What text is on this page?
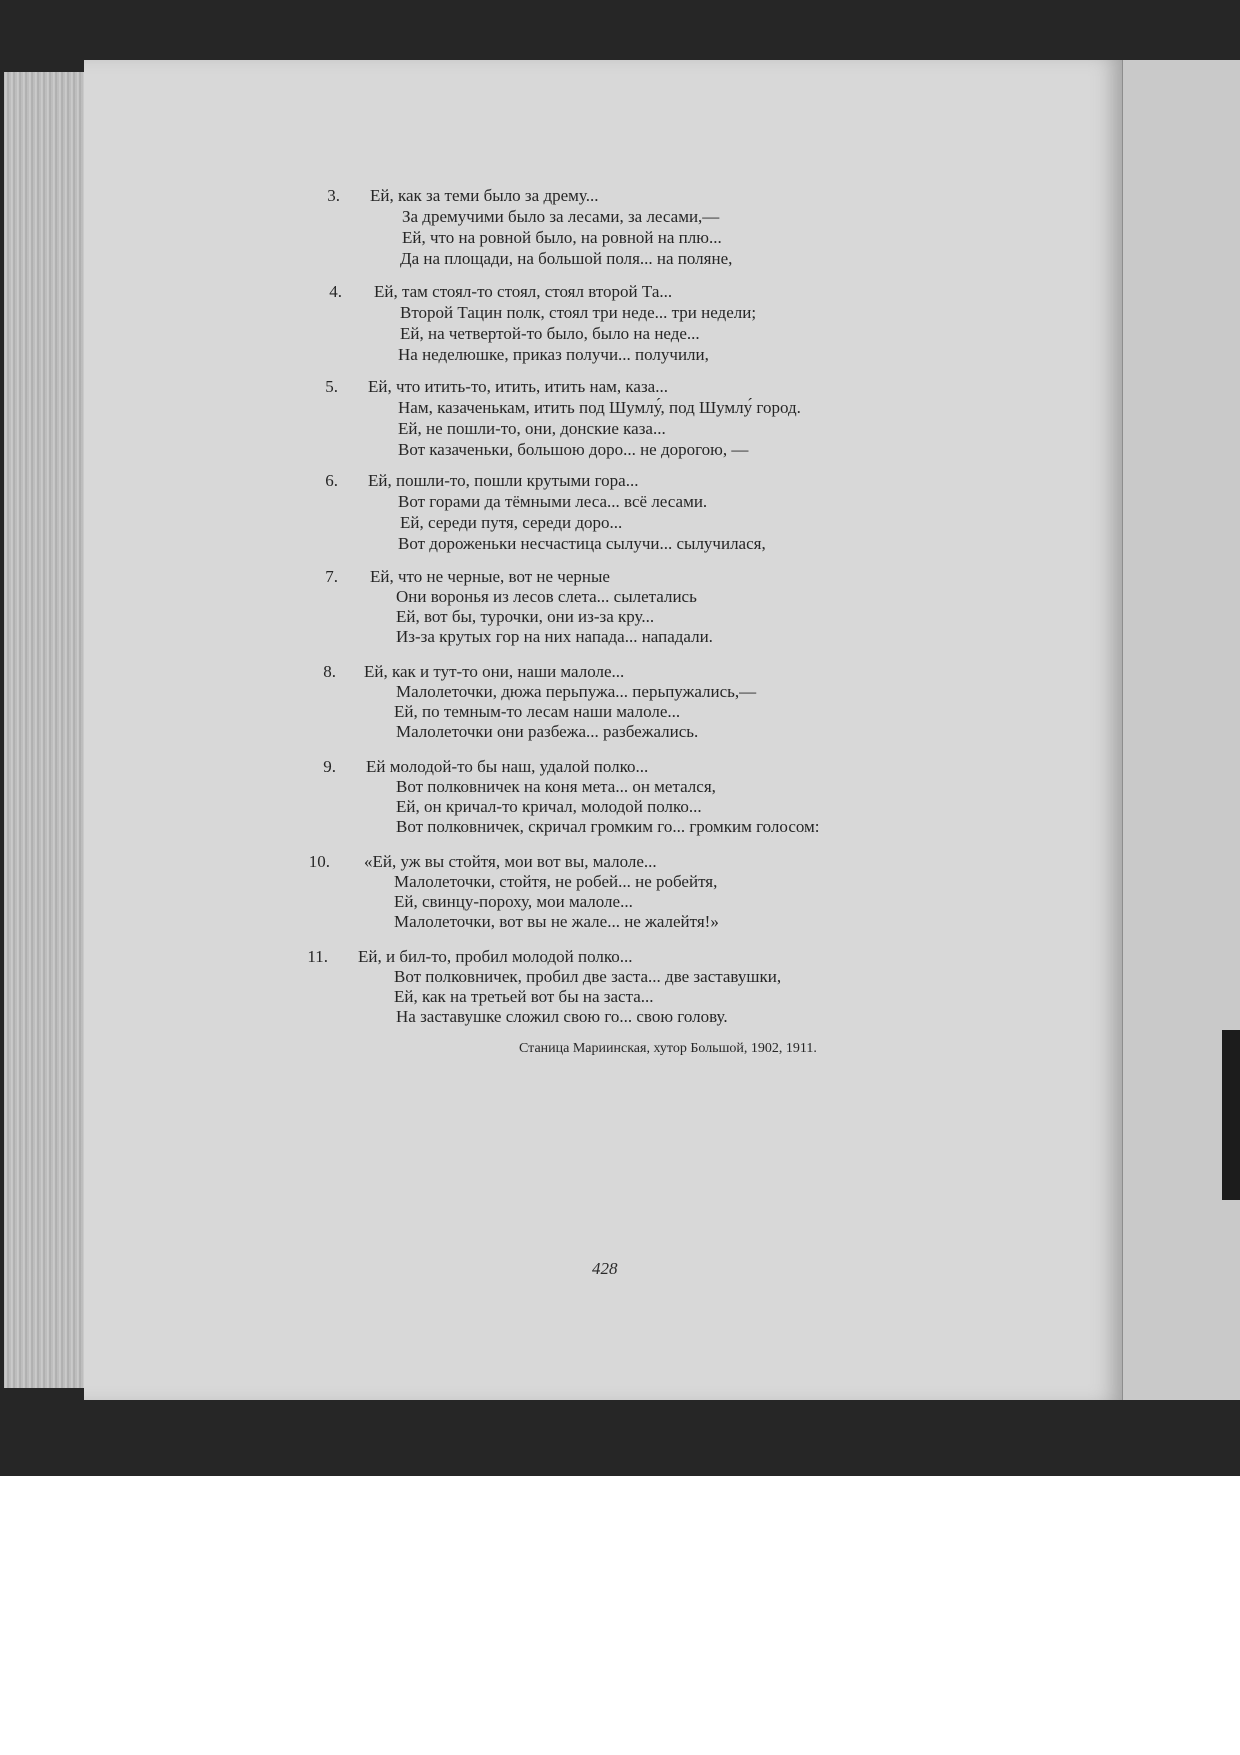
3. Ей, как за теми было за дрему...
За дремучими было за лесами, за лесами,—
Ей, что на ровной было, на ровной на плю...
Да на площади, на большой поля... на поляне,
4. Ей, там стоял-то стоял, стоял второй Та...
Второй Тацин полк, стоял три неде... три недели;
Ей, на четвертой-то было, было на неде...
На неделюшке, приказ получи... получили,
5. Ей, что итить-то, итить, итить нам, каза...
Нам, казаченькам, итить под Шумлу́, под Шумлу́ город.
Ей, не пошли-то, они, донские каза...
Вот казаченьки, большою доро... не дорогою, —
6. Ей, пошли-то, пошли крутыми гора...
Вот горами да тёмными леса... всё лесами.
Ей, середи путя, середи доро...
Вот дороженьки несчастица сылучи... сылучилася,
7. Ей, что не черные, вот не черные
Они воронья из лесов слета... сылетались
Ей, вот бы, турочки, они из-за кру...
Из-за крутых гор на них напада... нападали.
8. Ей, как и тут-то они, наши малоле...
Малолеточки, дюжа перьпужа... перьпужались,—
Ей, по темным-то лесам наши малоле...
Малолеточки они разбежа... разбежались.
9. Ей молодой-то бы наш, удалой полко...
Вот полковничек на коня мета... он метался,
Ей, он кричал-то кричал, молодой полко...
Вот полковничек, скричал громким го... громким голосом:
10. «Ей, уж вы стойтя, мои вот вы, малоле...
Малолеточки, стойтя, не робей... не робейтя,
Ей, свинцу-пороху, мои малоле...
Малолеточки, вот вы не жале... не жалейтя!»
11. Ей, и бил-то, пробил молодой полко...
Вот полковничек, пробил две заста... две заставушки,
Ей, как на третьей вот бы на заста...
На заставушке сложил свою го... свою голову.
Станица Мариинская, хутор Большой, 1902, 1911.
428
